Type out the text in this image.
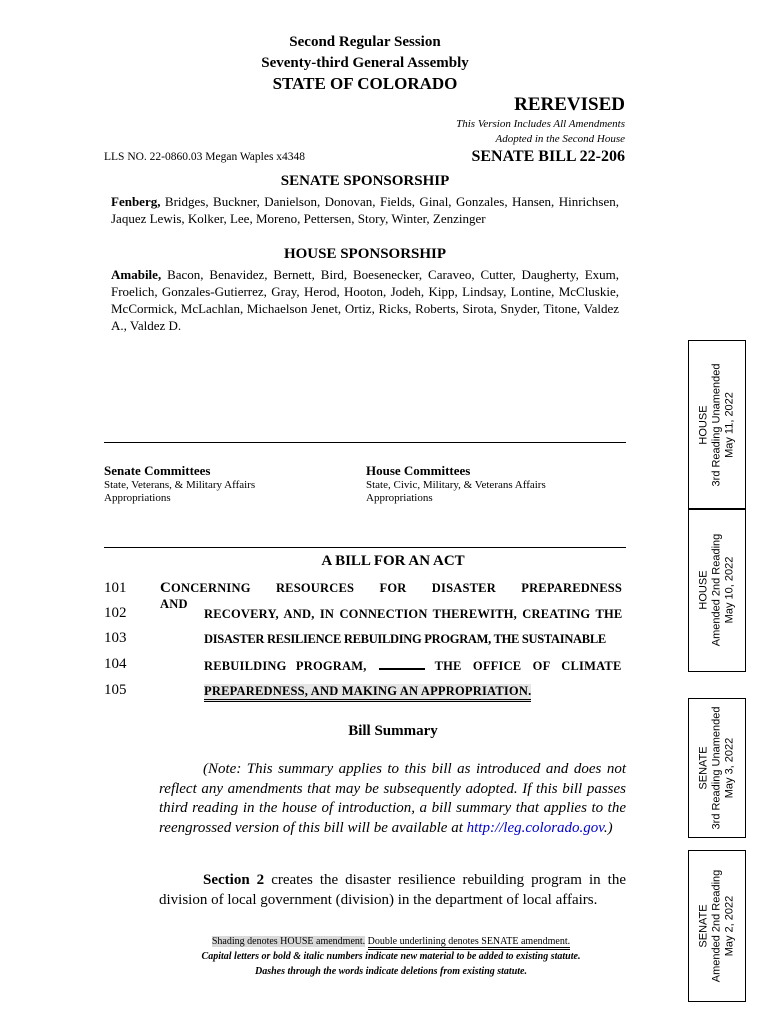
Second Regular Session
Seventy-third General Assembly
STATE OF COLORADO
REREVISED
This Version Includes All Amendments
Adopted in the Second House
LLS NO. 22-0860.03 Megan Waples x4348	SENATE BILL 22-206
SENATE SPONSORSHIP
Fenberg, Bridges, Buckner, Danielson, Donovan, Fields, Ginal, Gonzales, Hansen, Hinrichsen, Jaquez Lewis, Kolker, Lee, Moreno, Pettersen, Story, Winter, Zenzinger
HOUSE SPONSORSHIP
Amabile, Bacon, Benavidez, Bernett, Bird, Boesenecker, Caraveo, Cutter, Daugherty, Exum, Froelich, Gonzales-Gutierrez, Gray, Herod, Hooton, Jodeh, Kipp, Lindsay, Lontine, McCluskie, McCormick, McLachlan, Michaelson Jenet, Ortiz, Ricks, Roberts, Sirota, Snyder, Titone, Valdez A., Valdez D.
Senate Committees
State, Veterans, & Military Affairs
Appropriations
House Committees
State, Civic, Military, & Veterans Affairs
Appropriations
A BILL FOR AN ACT
101 CONCERNING RESOURCES FOR DISASTER PREPAREDNESS AND
102	RECOVERY, AND, IN CONNECTION THEREWITH, CREATING THE
103	DISASTER RESILIENCE REBUILDING PROGRAM, THE SUSTAINABLE
104	REBUILDING PROGRAM,	THE OFFICE OF CLIMATE
105	PREPAREDNESS, AND MAKING AN APPROPRIATION.
Bill Summary
(Note: This summary applies to this bill as introduced and does not reflect any amendments that may be subsequently adopted. If this bill passes third reading in the house of introduction, a bill summary that applies to the reengrossed version of this bill will be available at http://leg.colorado.gov.)
Section 2 creates the disaster resilience rebuilding program in the division of local government (division) in the department of local affairs.
Shading denotes HOUSE amendment. Double underlining denotes SENATE amendment.
Capital letters or bold & italic numbers indicate new material to be added to existing statute.
Dashes through the words indicate deletions from existing statute.
HOUSE 3rd Reading Unamended May 11, 2022
HOUSE Amended 2nd Reading May 10, 2022
SENATE 3rd Reading Unamended May 3, 2022
SENATE Amended 2nd Reading May 2, 2022
